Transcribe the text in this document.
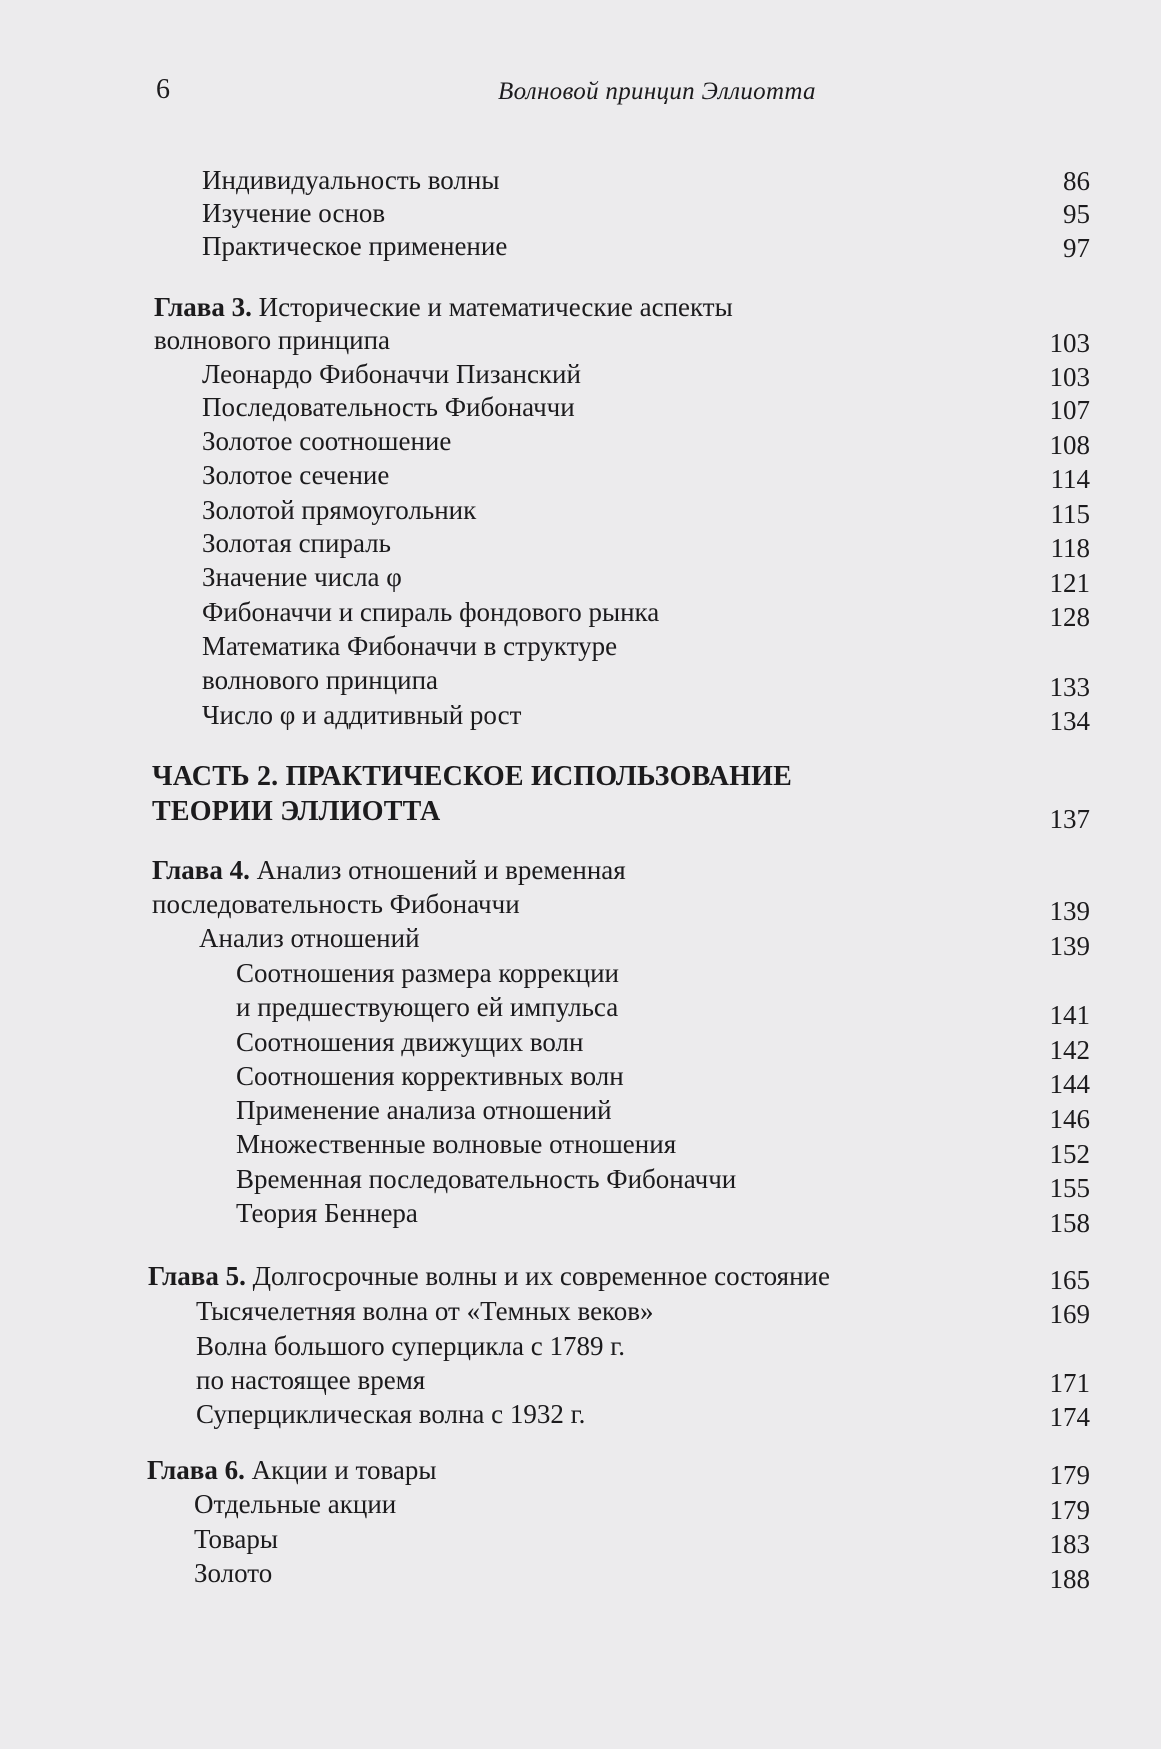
6	Волновой принцип Эллиотта
Индивидуальность волны	86
Изучение основ	95
Практическое применение	97
Глава 3. Исторические и математические аспекты
волнового принципа	103
Леонардо Фибоначчи Пизанский	103
Последовательность Фибоначчи	107
Золотое соотношение	108
Золотое сечение	114
Золотой прямоугольник	115
Золотая спираль	118
Значение числа φ	121
Фибоначчи и спираль фондового рынка	128
Математика Фибоначчи в структуре
волнового принципа	133
Число φ и аддитивный рост	134
ЧАСТЬ 2. ПРАКТИЧЕСКОЕ ИСПОЛЬЗОВАНИЕ
ТЕОРИИ ЭЛЛИОТТА	137
Глава 4. Анализ отношений и временная
последовательность Фибоначчи	139
Анализ отношений	139
Соотношения размера коррекции
и предшествующего ей импульса	141
Соотношения движущих волн	142
Соотношения коррективных волн	144
Применение анализа отношений	146
Множественные волновые отношения	152
Временная последовательность Фибоначчи	155
Теория Беннера	158
Глава 5. Долгосрочные волны и их современное состояние	165
Тысячелетняя волна от «Темных веков»	169
Волна большого суперцикла с 1789 г.
по настоящее время	171
Суперциклическая волна с 1932 г.	174
Глава 6. Акции и товары	179
Отдельные акции	179
Товары	183
Золото	188
